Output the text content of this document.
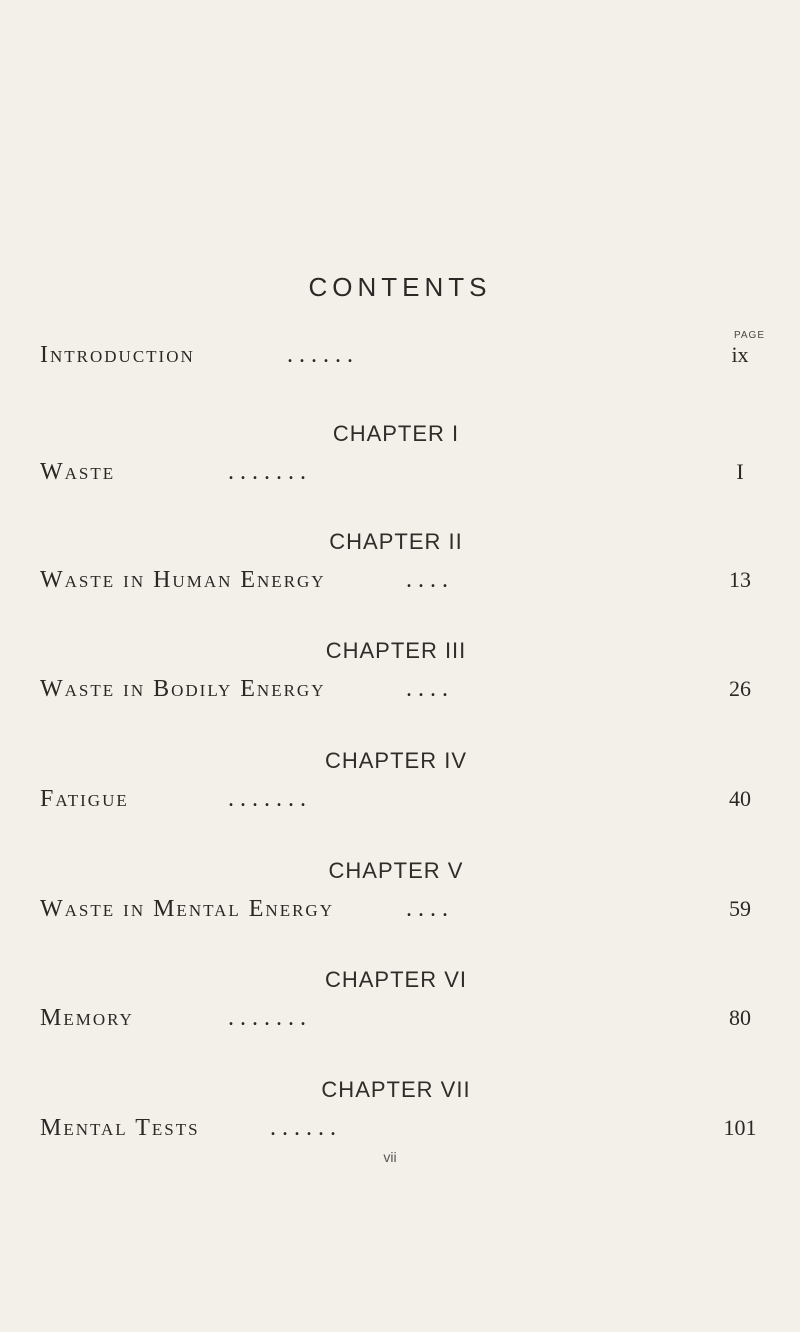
CONTENTS
PAGE
Introduction	. . . . . .	ix
CHAPTER I
Waste	. . . . . . .	I
CHAPTER II
Waste in Human Energy	. . . .	13
CHAPTER III
Waste in Bodily Energy	. . . .	26
CHAPTER IV
Fatigue	. . . . . . .	40
CHAPTER V
Waste in Mental Energy	. . . .	59
CHAPTER VI
Memory	. . . . . . .	80
CHAPTER VII
Mental Tests	. . . . . .	101
vii
